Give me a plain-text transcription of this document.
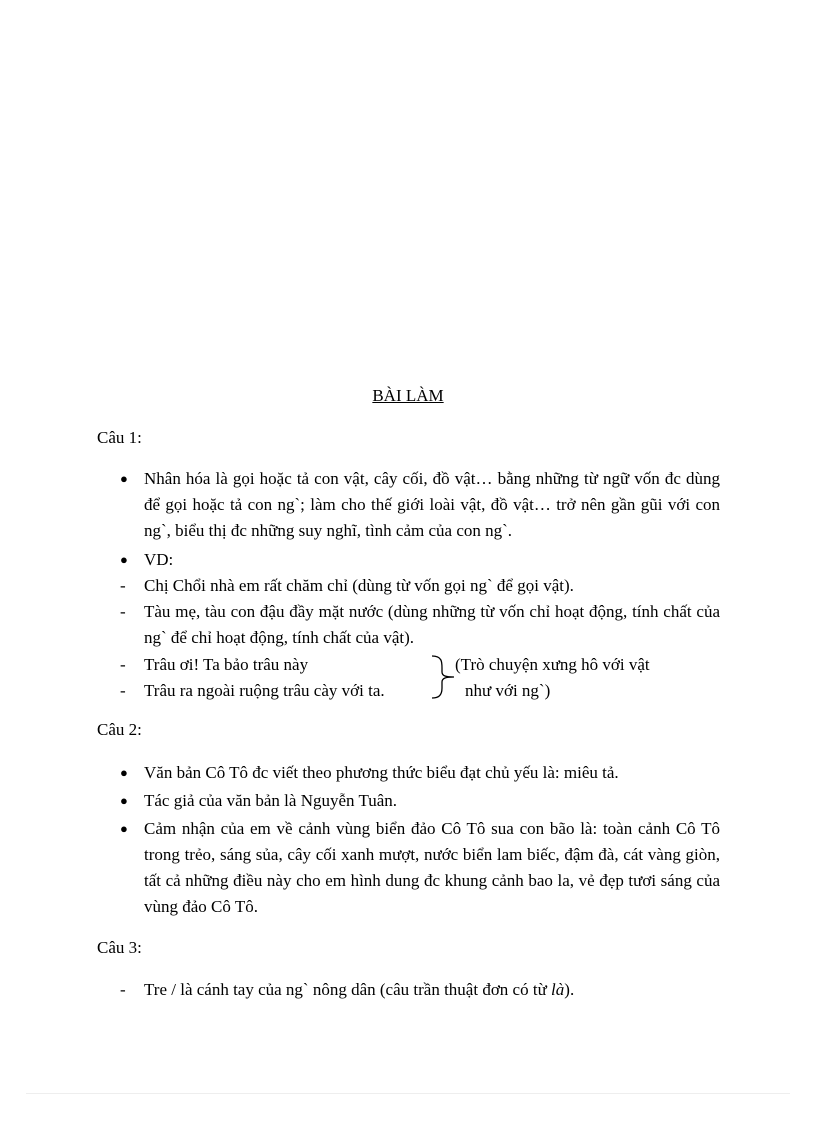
BÀI LÀM
Câu 1:
● Nhân hóa là gọi hoặc tả con vật, cây cối, đồ vật… bằng những từ ngữ vốn đc dùng để gọi hoặc tả con ng`; làm cho thế giới loài vật, đồ vật… trở nên gần gũi với con ng`, biểu thị đc những suy nghĩ, tình cảm của con ng`.
● VD:
-	Chị Chổi nhà em rất chăm chỉ (dùng từ vốn gọi ng` để gọi vật).
-	Tàu mẹ, tàu con đậu đầy mặt nước (dùng những từ vốn chỉ hoạt động, tính chất của ng` để chỉ hoạt động, tính chất của vật).
-	Trâu ơi! Ta bảo trâu này
-	Trâu ra ngoài ruộng trâu cày với ta.
(Trò chuyện xưng hô với vật
như với ng`)
Câu 2:
● Văn bản Cô Tô đc viết theo phương thức biểu đạt chủ yếu là: miêu tả.
● Tác giả của văn bản là Nguyễn Tuân.
● Cảm nhận của em về cảnh vùng biển đảo Cô Tô sua con bão là: toàn cảnh Cô Tô trong trẻo, sáng sủa, cây cối xanh mượt, nước biển lam biếc, đậm đà, cát vàng giòn, tất cả những điều này cho em hình dung đc khung cảnh bao la, vẻ đẹp tươi sáng của vùng đảo Cô Tô.
Câu 3:
-	Tre / là cánh tay của ng` nông dân (câu trần thuật đơn có từ là).
